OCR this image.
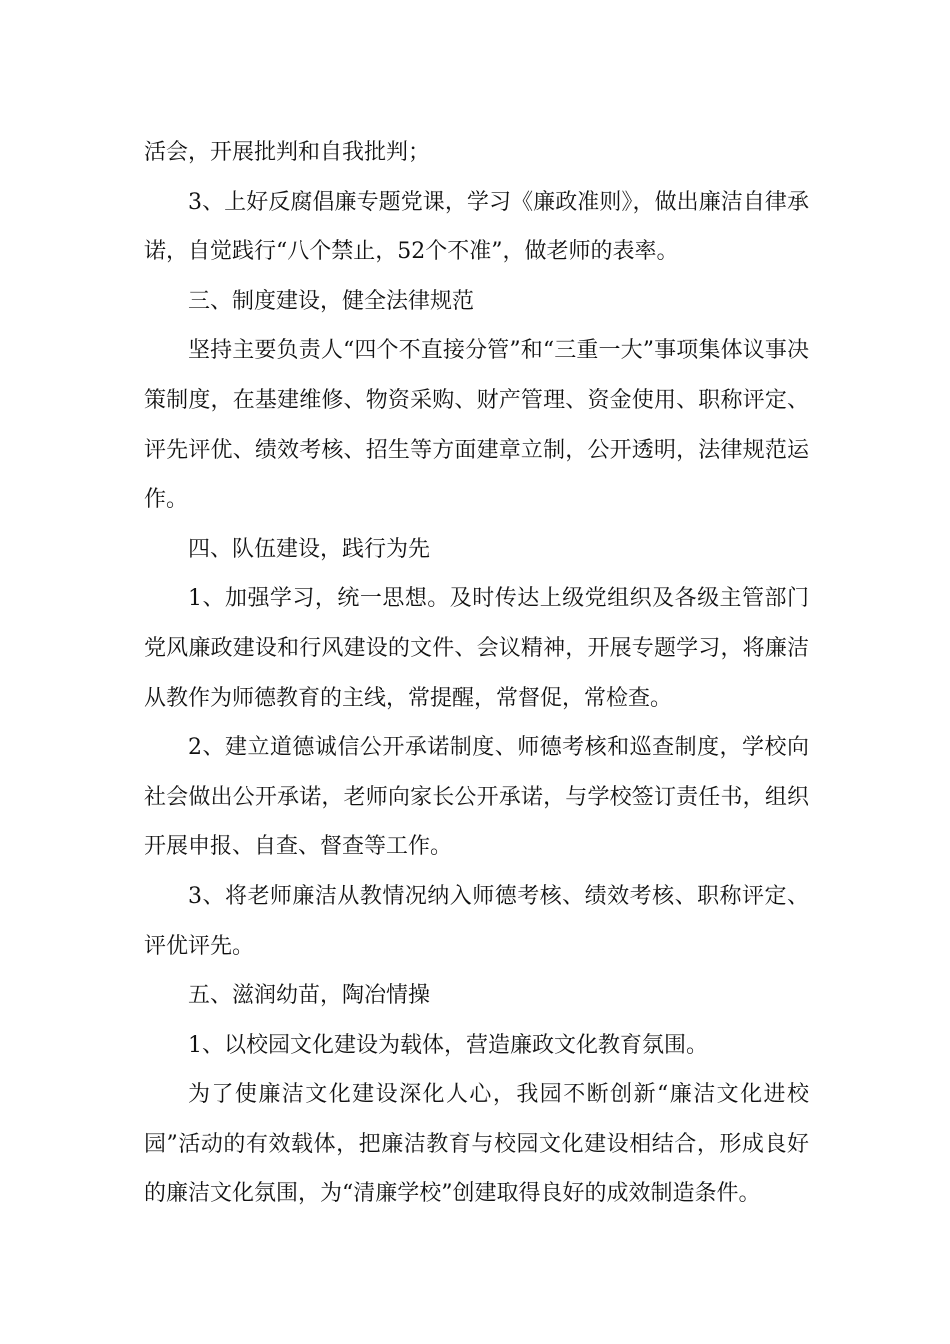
活会，开展批判和自我批判；

3、上好反腐倡廉专题党课，学习《廉政准则》，做出廉洁自律承诺，自觉践行“八个禁止，52个不准”，做老师的表率。

三、制度建设，健全法律规范

坚持主要负责人“四个不直接分管”和“三重一大”事项集体议事决策制度，在基建维修、物资采购、财产管理、资金使用、职称评定、评先评优、绩效考核、招生等方面建章立制，公开透明，法律规范运作。

四、队伍建设，践行为先

1、加强学习，统一思想。及时传达上级党组织及各级主管部门党风廉政建设和行风建设的文件、会议精神，开展专题学习，将廉洁从教作为师德教育的主线，常提醒，常督促，常检查。

2、建立道德诚信公开承诺制度、师德考核和巡查制度，学校向社会做出公开承诺，老师向家长公开承诺，与学校签订责任书，组织开展申报、自查、督查等工作。

3、将老师廉洁从教情况纳入师德考核、绩效考核、职称评定、评优评先。

五、滋润幼苗，陶冶情操

1、以校园文化建设为载体，营造廉政文化教育氛围。

为了使廉洁文化建设深化人心，我园不断创新“廉洁文化进校园”活动的有效载体，把廉洁教育与校园文化建设相结合，形成良好的廉洁文化氛围，为“清廉学校”创建取得良好的成效制造条件。
